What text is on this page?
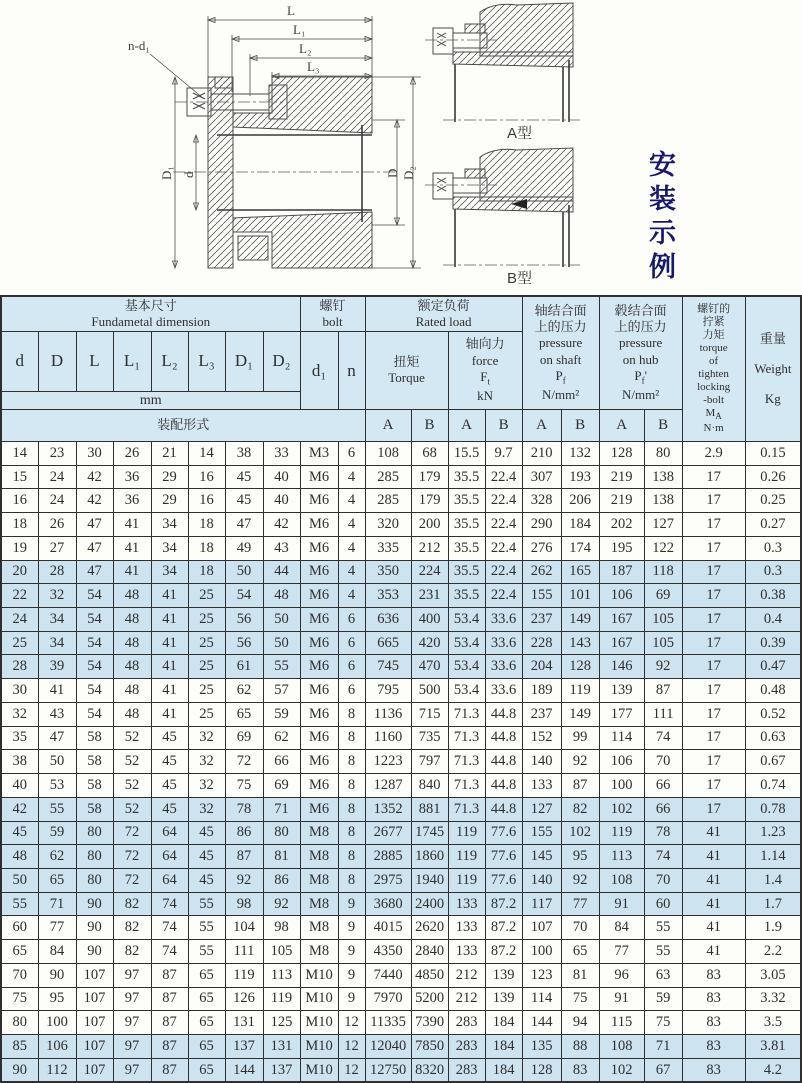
L
L₁
L₂
L₃
n-d₁
D₁ d	D D₂
A型
B型	安装示例
基本尺寸
Fundametal dimension

螺钉
bolt

额定负荷
Rated load

轴结合面
上的压力
pressure
on shaft
$P_f$
N/mm²

毂结合面
上的压力
pressure
on hub
$P_f'$
N/mm²

螺钉的
拧紧
力矩
torque
of
tighten
locking
-bolt
$M_A$
N·m

重量
Weight
Kg

d	D	L	L₁	L₂	L₃	D₁	D₂	d₁	n	扭矩
Torque

轴向力
force
$F_t$
kN

mm																			
装配形式										A	B	A	B	A	B	A	B		
14	23	30	26	21	14	38	33	M3	6	108	68	15.5	9.7	210	132	128	80	2.9	0.15
15	24	42	36	29	16	45	40	M6	4	285	179	35.5	22.4	307	193	219	138	17	0.26
16	24	42	36	29	16	45	40	M6	4	285	179	35.5	22.4	328	206	219	138	17	0.25
18	26	47	41	34	18	47	42	M6	4	320	200	35.5	22.4	290	184	202	127	17	0.27
19	27	47	41	34	18	49	43	M6	4	335	212	35.5	22.4	276	174	195	122	17	0.3
20	28	47	41	34	18	50	44	M6	4	350	224	35.5	22.4	262	165	187	118	17	0.3
22	32	54	48	41	25	54	48	M6	4	353	231	35.5	22.4	155	101	106	69	17	0.38
24	34	54	48	41	25	56	50	M6	6	636	400	53.4	33.6	237	149	167	105	17	0.4
25	34	54	48	41	25	56	50	M6	6	665	420	53.4	33.6	228	143	167	105	17	0.39
28	39	54	48	41	25	61	55	M6	6	745	470	53.4	33.6	204	128	146	92	17	0.47
30	41	54	48	41	25	62	57	M6	6	795	500	53.4	33.6	189	119	139	87	17	0.48
32	43	54	48	41	25	65	59	M6	8	1136	715	71.3	44.8	237	149	177	111	17	0.52
35	47	58	52	45	32	69	62	M6	8	1160	735	71.3	44.8	152	99	114	74	17	0.63
38	50	58	52	45	32	72	66	M6	8	1223	797	71.3	44.8	140	92	106	70	17	0.67
40	53	58	52	45	32	75	69	M6	8	1287	840	71.3	44.8	133	87	100	66	17	0.74
42	55	58	52	45	32	78	71	M6	8	1352	881	71.3	44.8	127	82	102	66	17	0.78
45	59	80	72	64	45	86	80	M8	8	2677	1745	119	77.6	155	102	119	78	41	1.23
48	62	80	72	64	45	87	81	M8	8	2885	1860	119	77.6	145	95	113	74	41	1.14
50	65	80	72	64	45	92	86	M8	8	2975	1940	119	77.6	140	92	108	70	41	1.4
55	71	90	82	74	55	98	92	M8	9	3680	2400	133	87.2	117	77	91	60	41	1.7
60	77	90	82	74	55	104	98	M8	9	4015	2620	133	87.2	107	70	84	55	41	1.9
65	84	90	82	74	55	111	105	M8	9	4350	2840	133	87.2	100	65	77	55	41	2.2
70	90	107	97	87	65	119	113	M10	9	7440	4850	212	139	123	81	96	63	83	3.05
75	95	107	97	87	65	126	119	M10	9	7970	5200	212	139	114	75	91	59	83	3.32
80	100	107	97	87	65	131	125	M10	12	11335	7390	283	184	144	94	115	75	83	3.5
85	106	107	97	87	65	137	131	M10	12	12040	7850	283	184	135	88	108	71	83	3.81
90	112	107	97	87	65	144	137	M10	12	12750	8320	283	184	128	83	102	67	83	4.2
